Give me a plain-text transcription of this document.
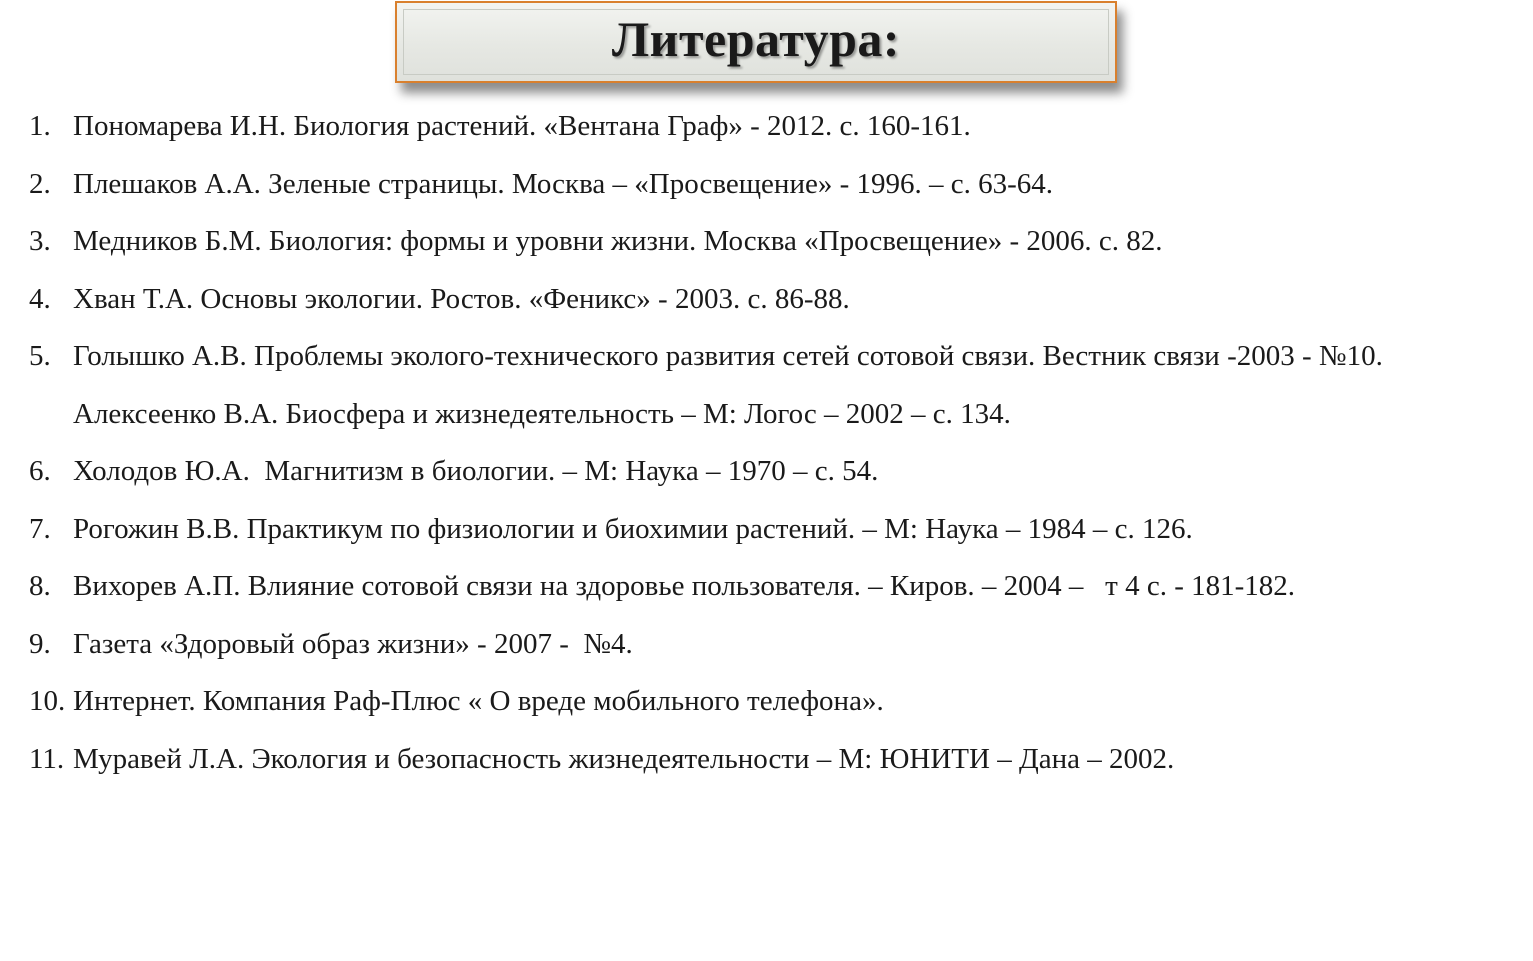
Литература:

1.

Пономарева И.Н. Биология растений. «Вентана Граф» - 2012. с. 160-161.

2.

Плешаков А.А. Зеленые страницы. Москва – «Просвещение» - 1996. – с. 63-64.

3.

Медников Б.М. Биология: формы и уровни жизни. Москва «Просвещение» - 2006. с. 82.

4.

Хван Т.А. Основы экологии. Ростов. «Феникс» - 2003. с. 86-88.

5.

Голышко А.В. Проблемы эколого-технического развития сетей сотовой связи. Вестник связи -2003 - №10.

Алексеенко В.А. Биосфера и жизнедеятельность – М: Логос – 2002 – с. 134.

6.

Холодов Ю.А.  Магнитизм в биологии. – М: Наука – 1970 – с. 54.

7.

Рогожин В.В. Практикум по физиологии и биохимии растений. – М: Наука – 1984 – с. 126.

8.

Вихорев А.П. Влияние сотовой связи на здоровье пользователя. – Киров. – 2004 –   т 4 с. - 181-182.

9.

Газета «Здоровый образ жизни» - 2007 -  №4.

10.

Интернет. Компания Раф-Плюс « О вреде мобильного телефона».

11.

Муравей Л.А. Экология и безопасность жизнедеятельности – М: ЮНИТИ – Дана – 2002.
